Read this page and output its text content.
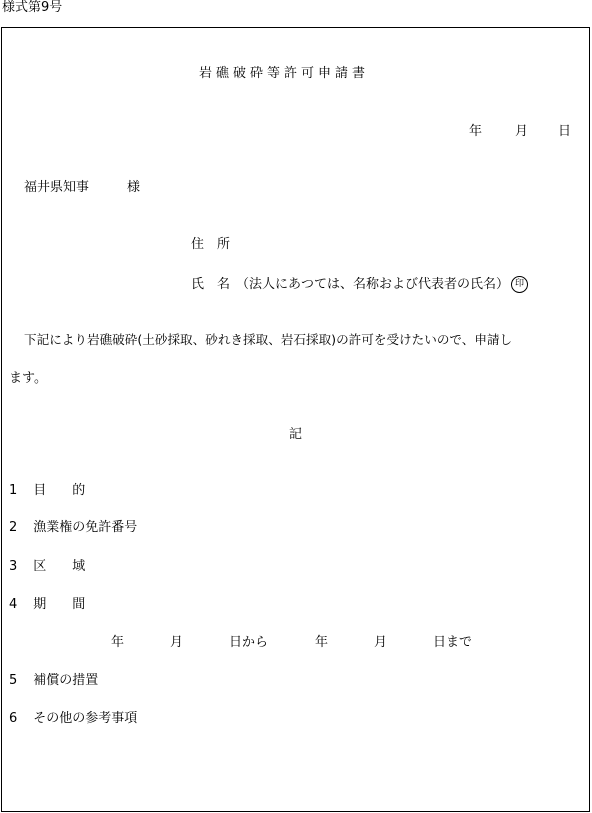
様式第9号
岩礁破砕等許可申請書
年	月 日
福井県知事	様
住　所
氏　名 （法人にあつては、名称および代表者の氏名） 印
下記により岩礁破砕(土砂採取、砂れき採取、岩石採取)の許可を受けたいので、申請し
ます。
記
1 目　　的
2 漁業権の免許番号
3 区　　域
4 期　　間
年	月	日から	年	月	日まで
5 補償の措置
6 その他の参考事項
